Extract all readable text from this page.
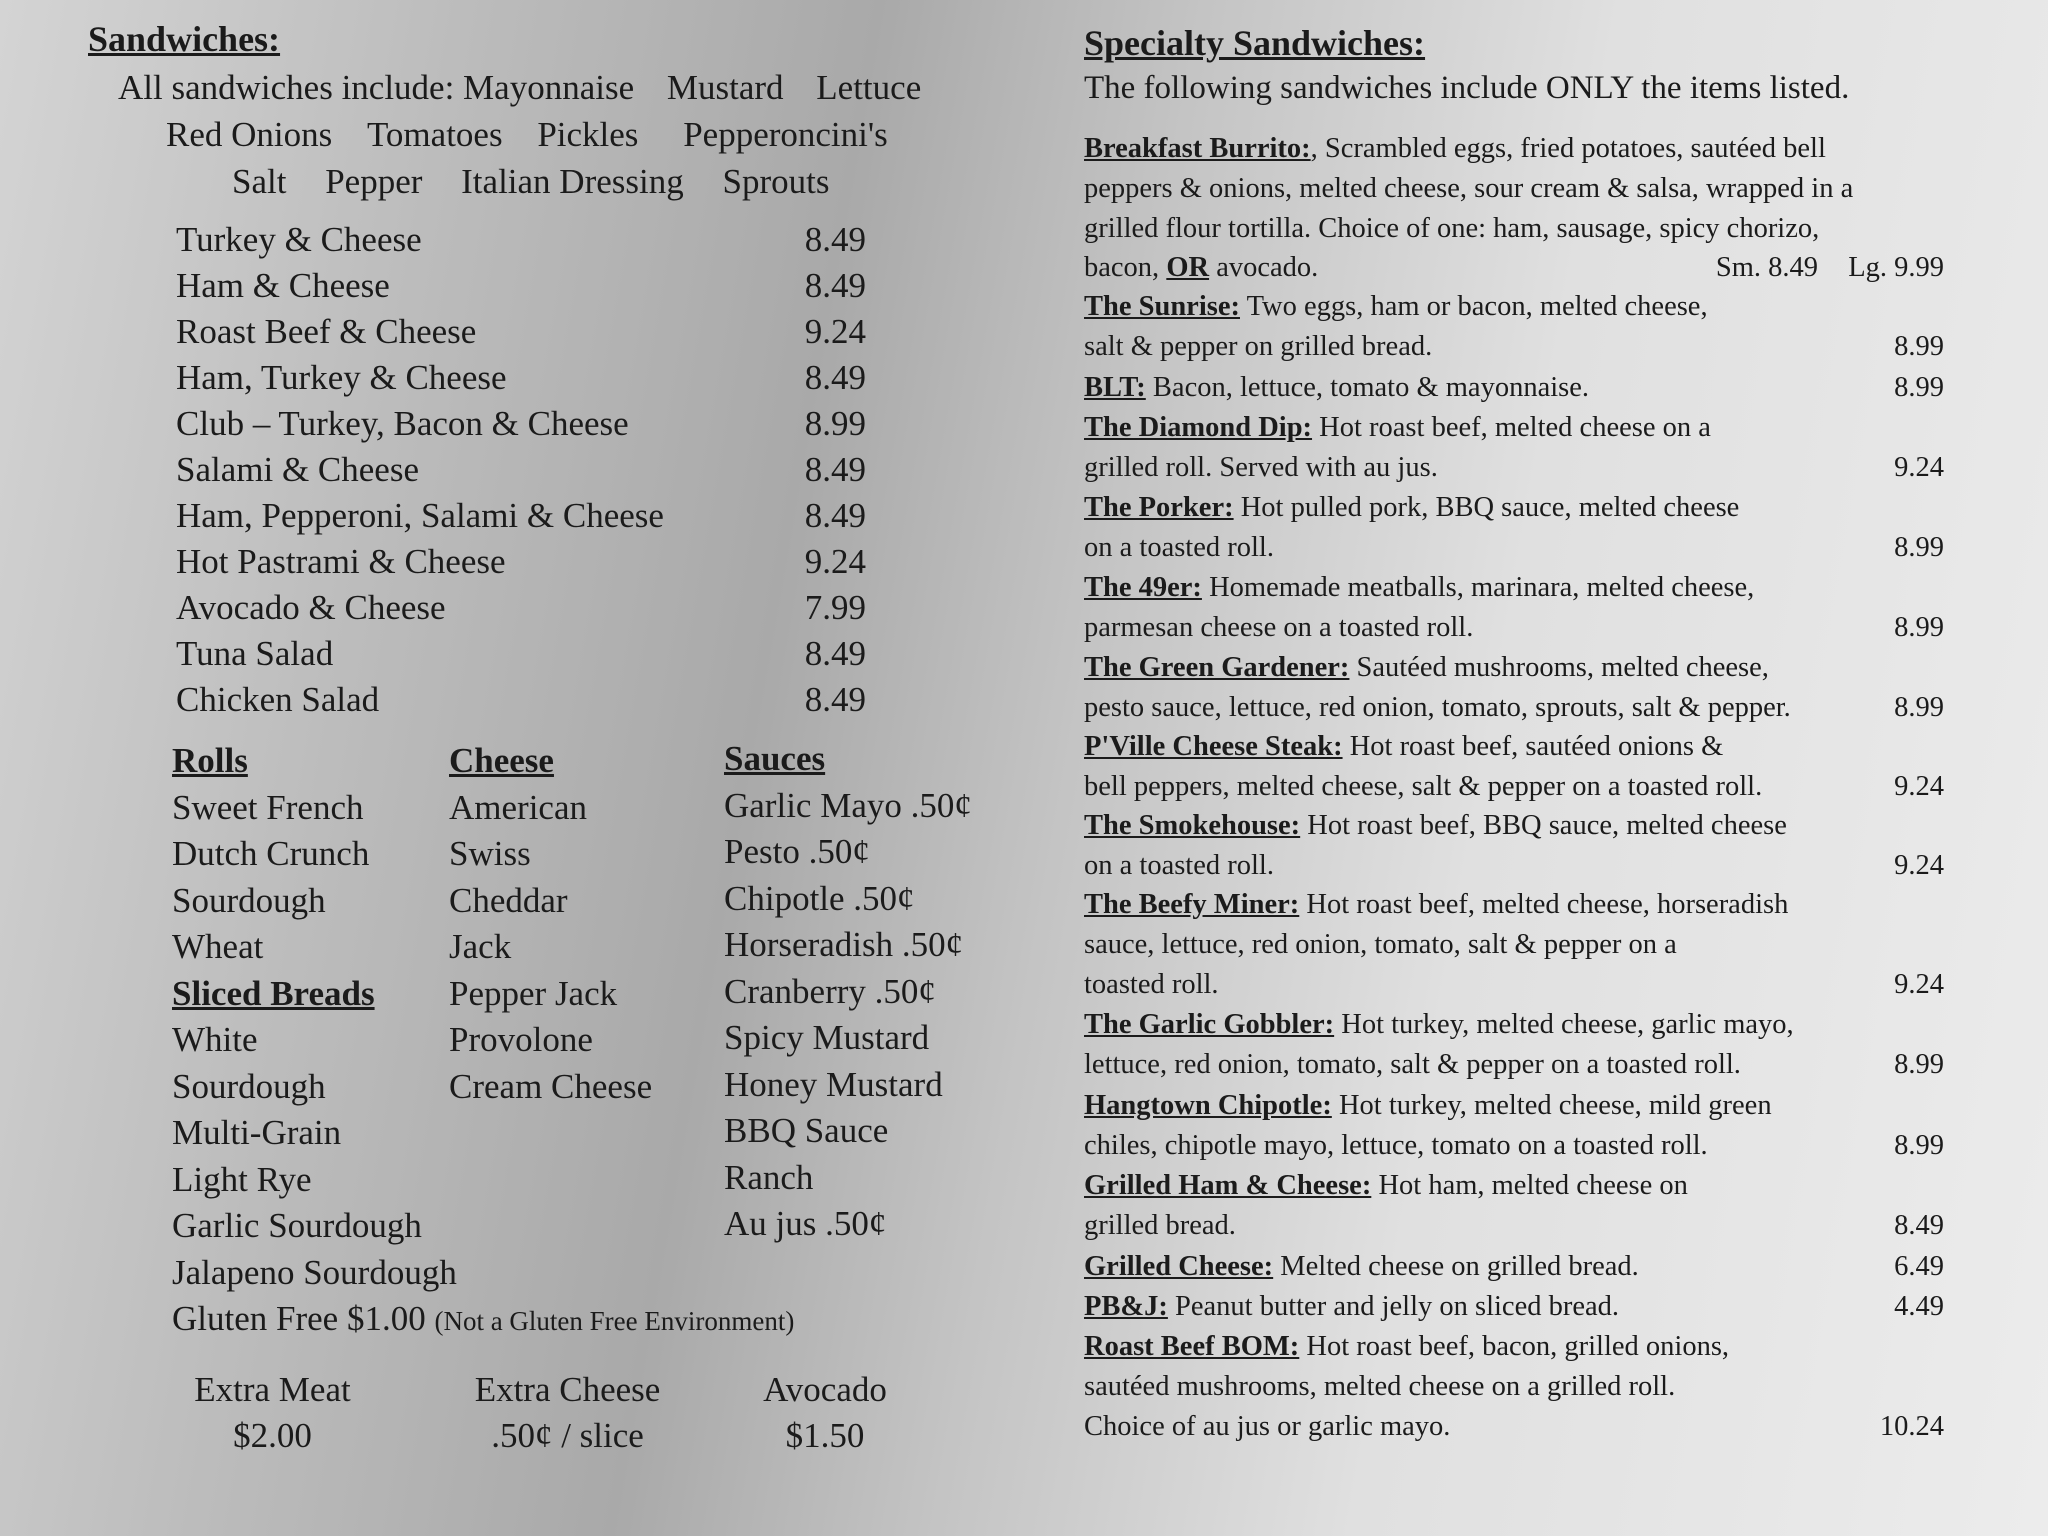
Sandwiches:
All sandwiches include: Mayonnaise Mustard Lettuce
Red Onions Tomatoes Pickles Pepperoncini's
Salt Pepper Italian Dressing Sprouts
Turkey & Cheese	8.49
Ham & Cheese	8.49
Roast Beef & Cheese	9.24
Ham, Turkey & Cheese	8.49
Club – Turkey, Bacon & Cheese	8.99
Salami & Cheese	8.49
Ham, Pepperoni, Salami & Cheese	8.49
Hot Pastrami & Cheese	9.24
Avocado & Cheese	7.99
Tuna Salad	8.49
Chicken Salad	8.49
Rolls
Sweet French
Dutch Crunch
Sourdough
Wheat
Sliced Breads
White
Sourdough
Multi-Grain
Light Rye
Garlic Sourdough
Jalapeno Sourdough
Gluten Free $1.00 (Not a Gluten Free Environment)
Cheese
American
Swiss
Cheddar
Jack
Pepper Jack
Provolone
Cream Cheese
Sauces
Garlic Mayo .50¢
Pesto .50¢
Chipotle .50¢
Horseradish .50¢
Cranberry .50¢
Spicy Mustard
Honey Mustard
BBQ Sauce
Ranch
Au jus .50¢
Extra Meat
$2.00
Extra Cheese
.50¢ / slice
Avocado
$1.50
Specialty Sandwiches:
The following sandwiches include ONLY the items listed.
Breakfast Burrito:, Scrambled eggs, fried potatoes, sautéed bell
peppers & onions, melted cheese, sour cream & salsa, wrapped in a
grilled flour tortilla. Choice of one: ham, sausage, spicy chorizo,
bacon, OR avocado.	Sm. 8.49 Lg. 9.99
The Sunrise: Two eggs, ham or bacon, melted cheese,
salt & pepper on grilled bread.	8.99
BLT: Bacon, lettuce, tomato & mayonnaise.	8.99
The Diamond Dip: Hot roast beef, melted cheese on a
grilled roll. Served with au jus.	9.24
The Porker: Hot pulled pork, BBQ sauce, melted cheese
on a toasted roll.	8.99
The 49er: Homemade meatballs, marinara, melted cheese,
parmesan cheese on a toasted roll.	8.99
The Green Gardener: Sautéed mushrooms, melted cheese,
pesto sauce, lettuce, red onion, tomato, sprouts, salt & pepper.	8.99
P'Ville Cheese Steak: Hot roast beef, sautéed onions &
bell peppers, melted cheese, salt & pepper on a toasted roll.	9.24
The Smokehouse: Hot roast beef, BBQ sauce, melted cheese
on a toasted roll.	9.24
The Beefy Miner: Hot roast beef, melted cheese, horseradish
sauce, lettuce, red onion, tomato, salt & pepper on a
toasted roll.	9.24
The Garlic Gobbler: Hot turkey, melted cheese, garlic mayo,
lettuce, red onion, tomato, salt & pepper on a toasted roll.	8.99
Hangtown Chipotle: Hot turkey, melted cheese, mild green
chiles, chipotle mayo, lettuce, tomato on a toasted roll.	8.99
Grilled Ham & Cheese: Hot ham, melted cheese on
grilled bread.	8.49
Grilled Cheese: Melted cheese on grilled bread.	6.49
PB&J: Peanut butter and jelly on sliced bread.	4.49
Roast Beef BOM: Hot roast beef, bacon, grilled onions,
sautéed mushrooms, melted cheese on a grilled roll.
Choice of au jus or garlic mayo.	10.24
